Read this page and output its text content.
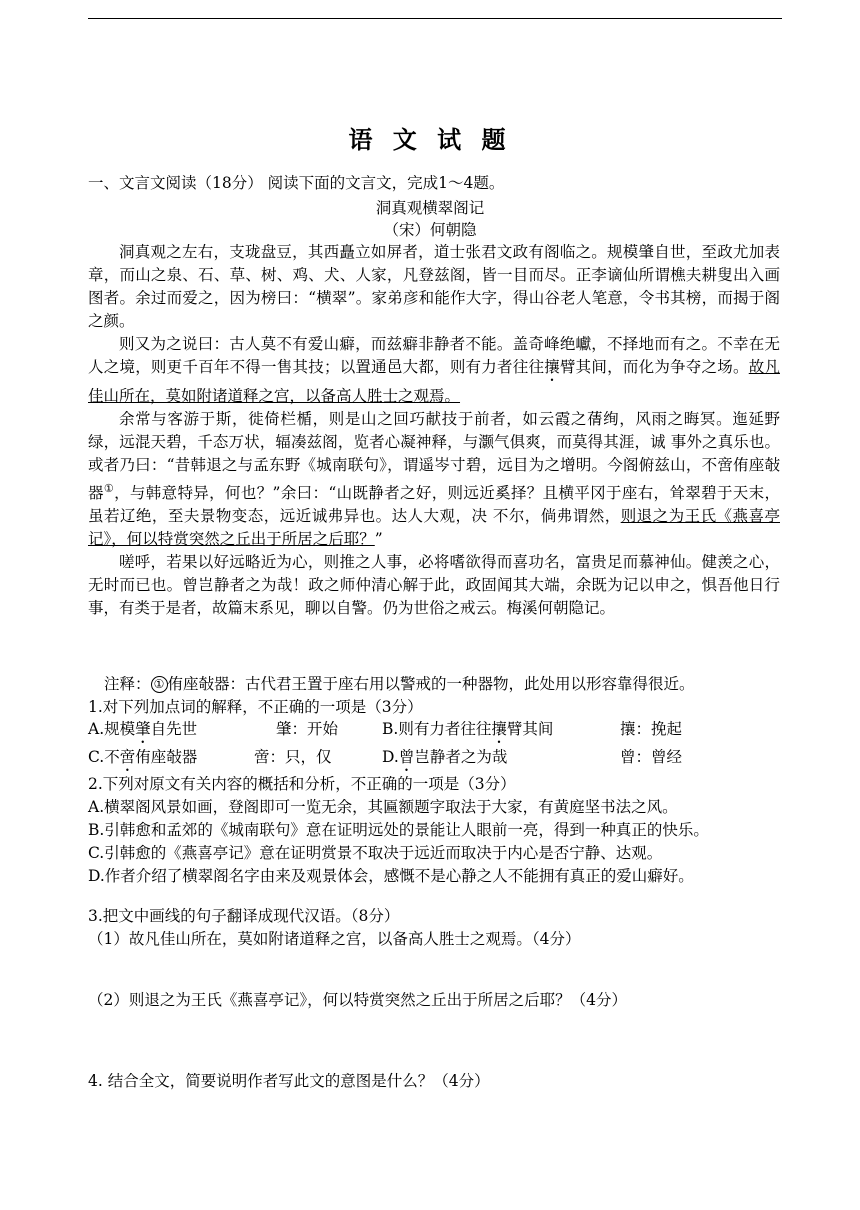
语 文 试 题
一、文言文阅读（18分） 阅读下面的文言文，完成1～4题。
洞真观横翠阁记
（宋）何朝隐

洞真观之左右，支珑盘豆，其西矗立如屏者，道士张君文政有阁临之。规模肇自世，至政尤加表章，而山之泉、石、草、树、鸡、犬、人家，凡登兹阁，皆一目而尽。正李谪仙所谓樵夫耕叟出入画图者。余过而爱之，因为榜曰：“横翠”。家弟彦和能作大字，得山谷老人笔意，令书其榜，而揭于阁之颜。

则又为之说曰：古人莫不有爱山癖，而兹癖非静者不能。盖奇峰绝巘，不择地而有之。不幸在无人之境，则更千百年不得一售其技；以置通邑大都，则有力者往往攘臂其间，而化为争夺之场。故凡佳山所在，莫如附诸道释之宫，以备高人胜士之观焉。

余常与客游于斯，徙倚栏楯，则是山之回巧献技于前者，如云霞之蒨绚，风雨之晦冥。迤延野绿，远混天碧，千态万状，辐凑兹阁，览者心凝神释，与灏气俱爽，而莫得其涯，诚 事外之真乐也。或者乃曰：“昔韩退之与孟东野《城南联句》，谓遥岑寸碧，远目为之增明。今阁俯兹山，不啻侑座敧器①，与韩意特异，何也？”余曰：“山既静者之好，则远近奚择？且横平冈于座右，耸翠碧于天末，虽若辽绝，至夫景物变态，远近诚弗异也。达人大观，决 不尔，倘弗谓然，则退之为王氏《燕喜亭记》，何以特赏突然之丘出于所居之后耶？”

嗟呼，若果以好远略近为心，则推之人事，必将嗜欲得而喜功名，富贵足而慕神仙。健羡之心，无时而已也。曾岂静者之为哉！政之师仲清心解于此，政固闻其大端，余既为记以申之，惧吾他日行事，有类于是者，故篇末系见，聊以自警。仍为世俗之戒云。梅溪何朝隐记。

注释： ① 侑座敧器：古代君王置于座右用以警戒的一种器物，此处用以形容靠得很近。
1.对下列加点词的解释，不正确的一项是（3分）
A.规模肇自先世	肇：开始	B.则有力者往往攘臂其间	攘：挽起
C.不啻侑座敧器	啻：只，仅	D.曾岂静者之为哉	曾：曾经
2.下列对原文有关内容的概括和分析，不正确的一项是（3分）
A.横翠阁风景如画，登阁即可一览无余，其匾额题字取法于大家，有黄庭坚书法之风。
B.引韩愈和孟郊的《城南联句》意在证明远处的景能让人眼前一亮，得到一种真正的快乐。
C.引韩愈的《燕喜亭记》意在证明赏景不取决于远近而取决于内心是否宁静、达观。
D.作者介绍了横翠阁名字由来及观景体会，感慨不是心静之人不能拥有真正的爱山癖好。
3.把文中画线的句子翻译成现代汉语。（8分）
（1）故凡佳山所在，莫如附诸道释之宫，以备高人胜士之观焉。（4分）
（2）则退之为王氏《燕喜亭记》，何以特赏突然之丘出于所居之后耶？（4分）
4. 结合全文，简要说明作者写此文的意图是什么？（4分）
